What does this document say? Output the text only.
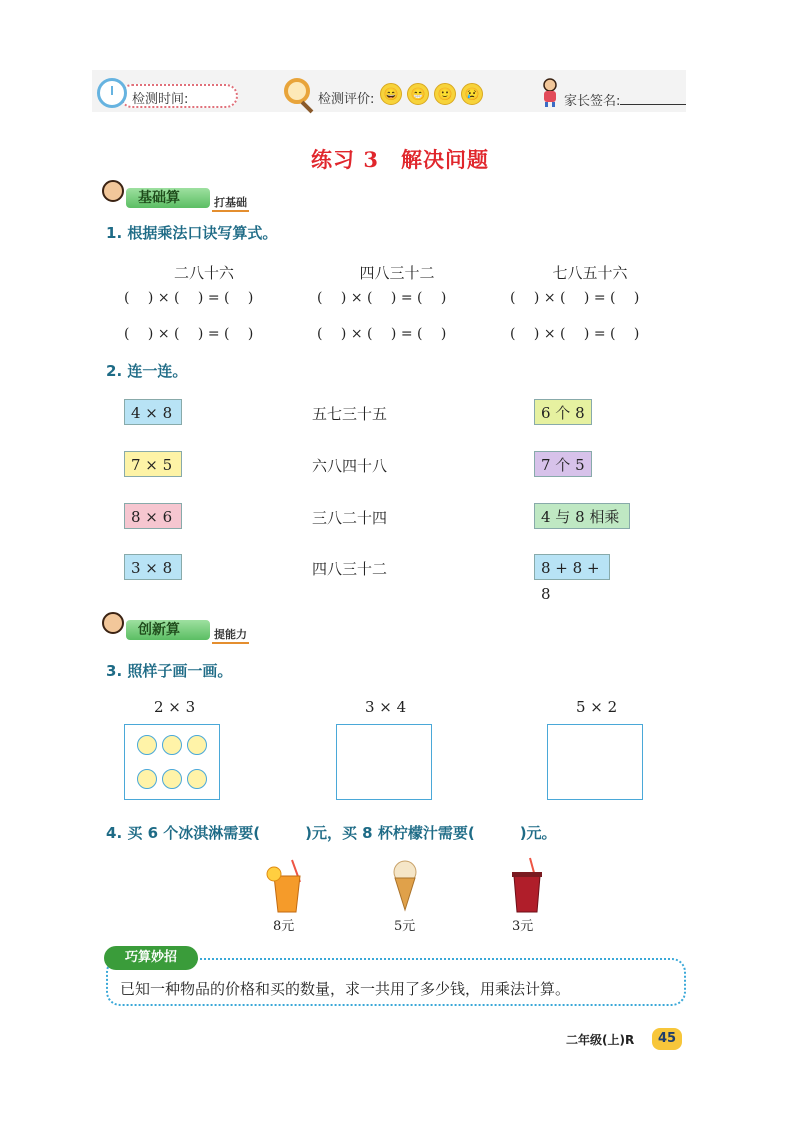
检测时间:	检测评价: 😄 😁 🙂 😢	家长签名:
练习 3　解决问题
基础算	打基础
1. 根据乘法口诀写算式。
二八十六	四八三十二	七八五十六
(　 ) × (　 ) = (　 )	(　 ) × (　 ) = (　 )	(　 ) × (　 ) = (　 )
(　 ) × (　 ) = (　 )	(　 ) × (　 ) = (　 )	(　 ) × (　 ) = (　 )
2. 连一连。
4 × 8
7 × 5
8 × 6
3 × 8
五七三十五
六八四十八
三八二十四
四八三十二
6 个 8
7 个 5
4 与 8 相乘
8 + 8 + 8
创新算	提能力
3. 照样子画一画。
2 × 3	3 × 4	5 × 2
4. 买 6 个冰淇淋需要(　　　)元，买 8 杯柠檬汁需要(　　　)元。
8元	5元	3元
巧算妙招
已知一种物品的价格和买的数量，求一共用了多少钱，用乘法计算。
二年级(上)R	45
